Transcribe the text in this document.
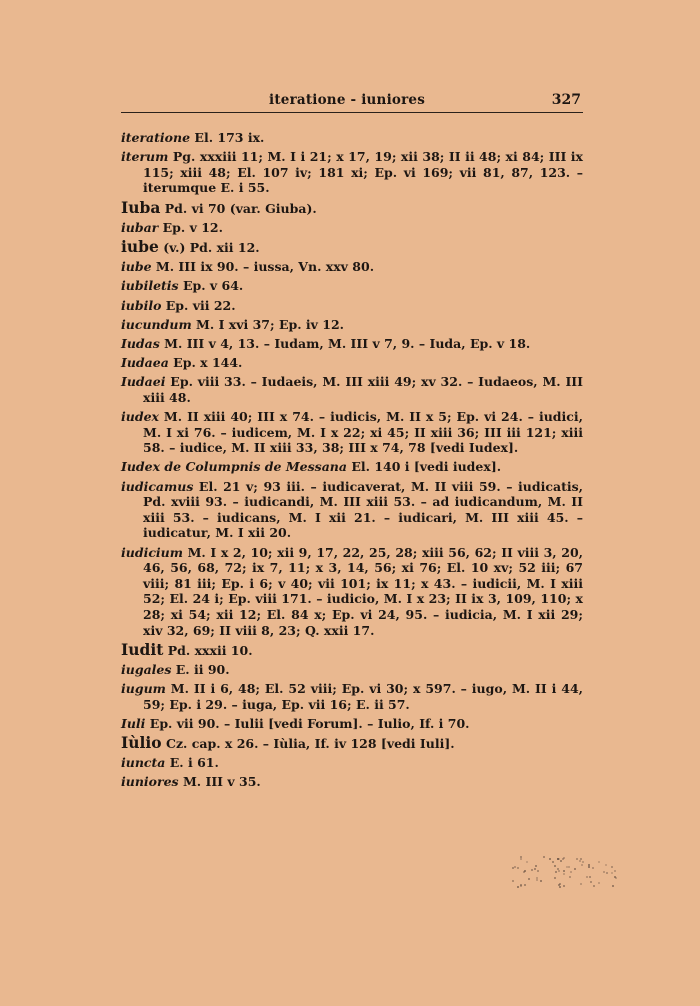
iteratione - iuniores	327
iteratione El. 173 ix.
iterum Pg. xxxiii 11; M. I i 21; x 17, 19; xii 38; II ii 48; xi 84; III ix 115; xiii 48; El. 107 iv; 181 xi; Ep. vi 169; vii 81, 87, 123. – iterumque E. i 55.
Iuba Pd. vi 70 (var. Giuba).
iubar Ep. v 12.
iube (v.) Pd. xii 12.
iube M. III ix 90. – iussa, Vn. xxv 80.
iubiletis Ep. v 64.
iubilo Ep. vii 22.
iucundum M. I xvi 37; Ep. iv 12.
Iudas M. III v 4, 13. – Iudam, M. III v 7, 9. – Iuda, Ep. v 18.
Iudaea Ep. x 144.
Iudaei Ep. viii 33. – Iudaeis, M. III xiii 49; xv 32. – Iudaeos, M. III xiii 48.
iudex M. II xiii 40; III x 74. – iudicis, M. II x 5; Ep. vi 24. – iudici, M. I xi 76. – iudicem, M. I x 22; xi 45; II xiii 36; III iii 121; xiii 58. – iudice, M. II xiii 33, 38; III x 74, 78 [vedi Iudex].
Iudex de Columpnis de Messana El. 140 i [vedi iudex].
iudicamus El. 21 v; 93 iii. – iudicaverat, M. II viii 59. – iudicatis, Pd. xviii 93. – iudicandi, M. III xiii 53. – ad iudicandum, M. II xiii 53. – iudicans, M. I xii 21. – iudicari, M. III xiii 45. – iudicatur, M. I xii 20.
iudicium M. I x 2, 10; xii 9, 17, 22, 25, 28; xiii 56, 62; II viii 3, 20, 46, 56, 68, 72; ix 7, 11; x 3, 14, 56; xi 76; El. 10 xv; 52 iii; 67 viii; 81 iii; Ep. i 6; v 40; vii 101; ix 11; x 43. – iudicii, M. I xiii 52; El. 24 i; Ep. viii 171. – iudicio, M. I x 23; II ix 3, 109, 110; x 28; xi 54; xii 12; El. 84 x; Ep. vi 24, 95. – iudicia, M. I xii 29; xiv 32, 69; II viii 8, 23; Q. xxii 17.
Iudit Pd. xxxii 10.
iugales E. ii 90.
iugum M. II i 6, 48; El. 52 viii; Ep. vi 30; x 597. – iugo, M. II i 44, 59; Ep. i 29. – iuga, Ep. vii 16; E. ii 57.
Iuli Ep. vii 90. – Iulii [vedi Forum]. – Iulio, If. i 70.
Iùlio Cz. cap. x 26. – Iùlia, If. iv 128 [vedi Iuli].
iuncta E. i 61.
iuniores M. III v 35.
